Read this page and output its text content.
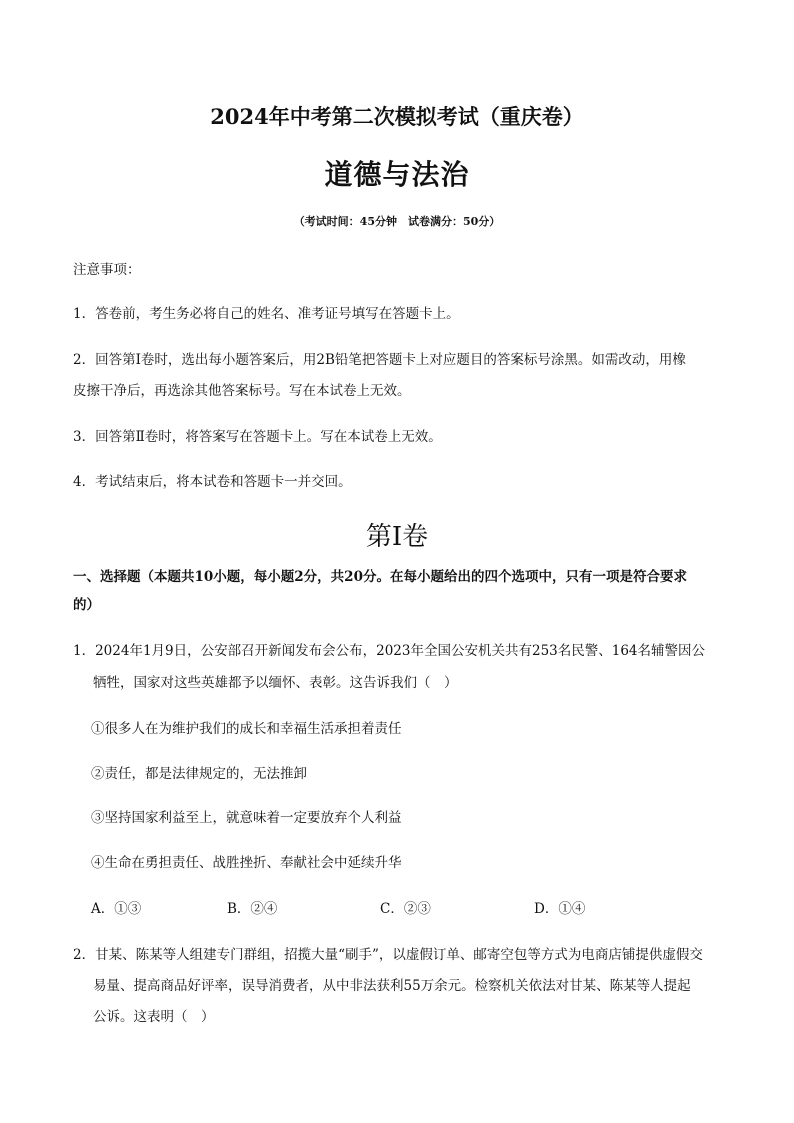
2024年中考第二次模拟考试（重庆卷）
道德与法治
（考试时间：45分钟　试卷满分：50分）
注意事项：
1．答卷前，考生务必将自己的姓名、准考证号填写在答题卡上。
2．回答第Ⅰ卷时，选出每小题答案后，用2B铅笔把答题卡上对应题目的答案标号涂黑。如需改动，用橡
皮擦干净后，再选涂其他答案标号。写在本试卷上无效。
3．回答第Ⅱ卷时，将答案写在答题卡上。写在本试卷上无效。
4．考试结束后，将本试卷和答题卡一并交回。
第Ⅰ卷
一、选择题（本题共10小题，每小题2分，共20分。在每小题给出的四个选项中，只有一项是符合要求
的）
1．2024年1月9日，公安部召开新闻发布会公布，2023年全国公安机关共有253名民警、164名辅警因公
牺牲，国家对这些英雄都予以缅怀、表彰。这告诉我们（　）
①很多人在为维护我们的成长和幸福生活承担着责任
②责任，都是法律规定的，无法推卸
③坚持国家利益至上，就意味着一定要放弃个人利益
④生命在勇担责任、战胜挫折、奉献社会中延续升华
A．①③	B．②④	C．②③	D．①④
2．甘某、陈某等人组建专门群组，招揽大量“刷手”，以虚假订单、邮寄空包等方式为电商店铺提供虚假交
易量、提高商品好评率，误导消费者，从中非法获利55万余元。检察机关依法对甘某、陈某等人提起
公诉。这表明（　）
